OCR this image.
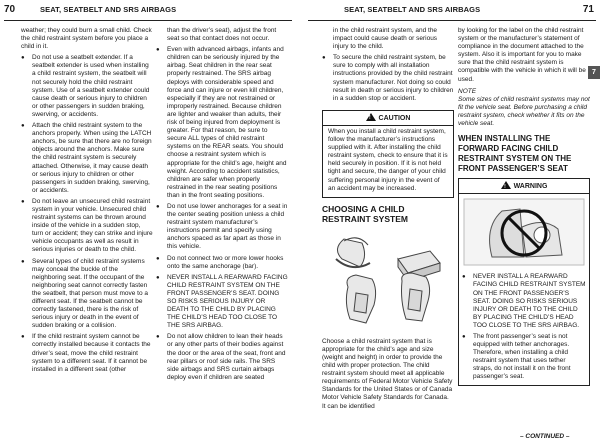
70	SEAT, SEATBELT AND SRS AIRBAGS	SEAT, SEATBELT AND SRS AIRBAGS	71
7

weather; they could burn a small child. Check the child restraint system before you place a child in it.

● Do not use a seatbelt extender. If a seatbelt extender is used when installing a child restraint system, the seatbelt will not securely hold the child restraint system. Use of a seatbelt extender could cause death or serious injury to children or other passengers in sudden braking, swerving, or accidents.
● Attach the child restraint system to the anchors properly. When using the LATCH anchors, be sure that there are no foreign objects around the anchors. Make sure the child restraint system is securely attached. Otherwise, it may cause death or serious injury to children or other passengers in sudden braking, swerving, or accidents.
● Do not leave an unsecured child restraint system in your vehicle. Unsecured child restraint systems can be thrown around inside of the vehicle in a sudden stop, turn or accident; they can strike and injure vehicle occupants as well as result in serious injuries or death to the child.
● Several types of child restraint systems may conceal the buckle of the neighboring seat. If the occupant of the neighboring seat cannot correctly fasten the seatbelt, that person must move to a different seat. If the seatbelt cannot be correctly fastened, there is the risk of serious injury or death in the event of sudden braking or a collision.
● If the child restraint system cannot be correctly installed because it contacts the driver’s seat, move the child restraint system to a different seat. If it cannot be installed in a different seat (other

than the driver’s seat), adjust the front seat so that contact does not occur.

● Even with advanced airbags, infants and children can be seriously injured by the airbag. Seat children in the rear seat properly restrained. The SRS airbag deploys with considerable speed and force and can injure or even kill children, especially if they are not restrained or improperly restrained. Because children are lighter and weaker than adults, their risk of being injured from deployment is greater. For that reason, be sure to secure ALL types of child restraint systems on the REAR seats. You should choose a restraint system which is appropriate for the child’s age, height and weight. According to accident statistics, children are safer when properly restrained in the rear seating positions than in the front seating positions.
● Do not use lower anchorages for a seat in the center seating position unless a child restraint system manufacturer’s instructions permit and specify using anchors spaced as far apart as those in this vehicle.
● Do not connect two or more lower hooks onto the same anchorage (bar).
● NEVER INSTALL A REARWARD FACING CHILD RESTRAINT SYSTEM ON THE FRONT PASSENGER’S SEAT. DOING SO RISKS SERIOUS INJURY OR DEATH TO THE CHILD BY PLACING THE CHILD’S HEAD TOO CLOSE TO THE SRS AIRBAG.
● Do not allow children to lean their heads or any other parts of their bodies against the door or the area of the seat, front and rear pillars or roof side rails. The SRS side airbags and SRS curtain airbags deploy even if children are seated

in the child restraint system, and the impact could cause death or serious injury to the child.

● To secure the child restraint system, be sure to comply with all installation instructions provided by the child restraint system manufacturer. Not doing so could result in death or serious injury to children in a sudden stop or accident.
! CAUTION
When you install a child restraint system, follow the manufacturer’s instructions supplied with it. After installing the child restraint system, check to ensure that it is held securely in position. If it is not held tight and secure, the danger of your child suffering personal injury in the event of an accident may be increased.
CHOOSING A CHILD RESTRAINT SYSTEM

Choose a child restraint system that is appropriate for the child’s age and size (weight and height) in order to provide the child with proper protection. The child restraint system should meet all applicable requirements of Federal Motor Vehicle Safety Standards for the United States or of Canada Motor Vehicle Safety Standards for Canada. It can be identified

by looking for the label on the child restraint system or the manufacturer’s statement of compliance in the document attached to the system. Also it is important for you to make sure that the child restraint system is compatible with the vehicle in which it will be used.

NOTE
Some sizes of child restraint systems may not fit the vehicle seat. Before purchasing a child restraint system, check whether it fits on the vehicle seat.
WHEN INSTALLING THE FORWARD FACING CHILD RESTRAINT SYSTEM ON THE FRONT PASSENGER’S SEAT
! WARNING
● NEVER INSTALL A REARWARD FACING CHILD RESTRAINT SYSTEM ON THE FRONT PASSENGER’S SEAT. DOING SO RISKS SERIOUS INJURY OR DEATH TO THE CHILD BY PLACING THE CHILD’S HEAD TOO CLOSE TO THE SRS AIRBAG.
● The front passenger’s seat is not equipped with tether anchorages. Therefore, when installing a child restraint system that uses tether straps, do not install it on the front passenger’s seat.
– CONTINUED –
